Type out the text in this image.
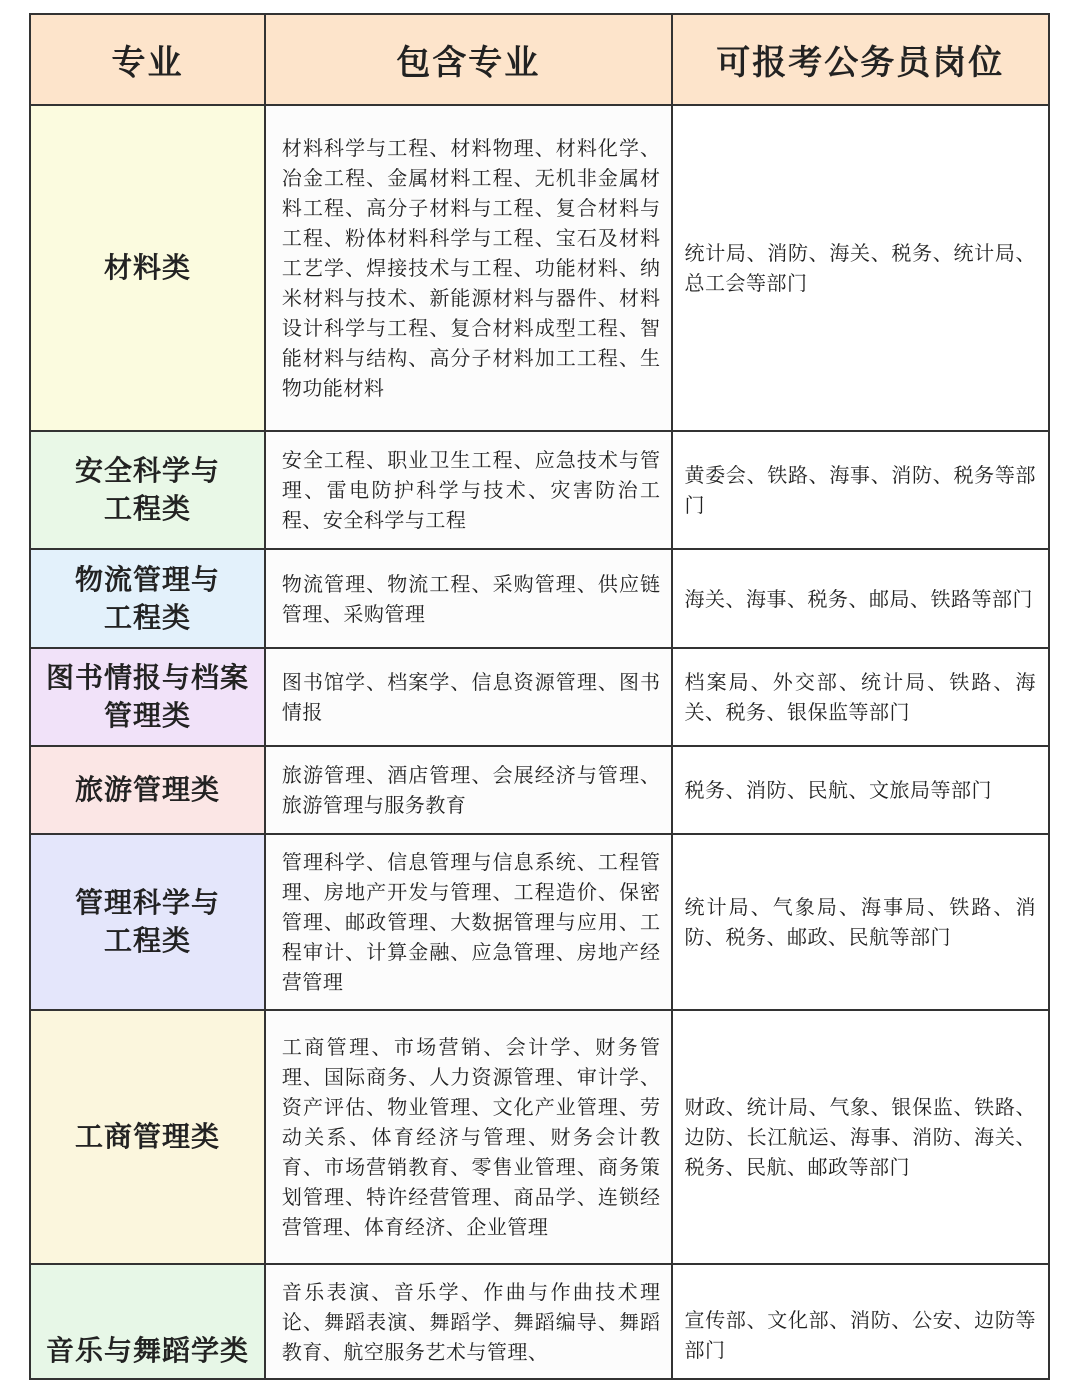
专业	包含专业	可报考公务员岗位
材料类	材料科学与工程、材料物理、材料化学、冶金工程、金属材料工程、无机非金属材料工程、高分子材料与工程、复合材料与工程、粉体材料科学与工程、宝石及材料工艺学、焊接技术与工程、功能材料、纳米材料与技术、新能源材料与器件、材料设计科学与工程、复合材料成型工程、智能材料与结构、高分子材料加工工程、生物功能材料	统计局、消防、海关、税务、统计局、总工会等部门
安全科学与工程类	安全工程、职业卫生工程、应急技术与管理、雷电防护科学与技术、灾害防治工程、安全科学与工程	黄委会、铁路、海事、消防、税务等部门
物流管理与工程类	物流管理、物流工程、采购管理、供应链管理、采购管理	海关、海事、税务、邮局、铁路等部门
图书情报与档案管理类	图书馆学、档案学、信息资源管理、图书情报	档案局、外交部、统计局、铁路、海关、税务、银保监等部门
旅游管理类	旅游管理、酒店管理、会展经济与管理、旅游管理与服务教育	税务、消防、民航、文旅局等部门
管理科学与工程类	管理科学、信息管理与信息系统、工程管理、房地产开发与管理、工程造价、保密管理、邮政管理、大数据管理与应用、工程审计、计算金融、应急管理、房地产经营管理	统计局、气象局、海事局、铁路、消防、税务、邮政、民航等部门
工商管理类	工商管理、市场营销、会计学、财务管理、国际商务、人力资源管理、审计学、资产评估、物业管理、文化产业管理、劳动关系、体育经济与管理、财务会计教育、市场营销教育、零售业管理、商务策划管理、特许经营管理、商品学、连锁经营管理、体育经济、企业管理	财政、统计局、气象、银保监、铁路、边防、长江航运、海事、消防、海关、税务、民航、邮政等部门
音乐与舞蹈学类	音乐表演、音乐学、作曲与作曲技术理论、舞蹈表演、舞蹈学、舞蹈编导、舞蹈教育、航空服务艺术与管理、	宣传部、文化部、消防、公安、边防等部门
